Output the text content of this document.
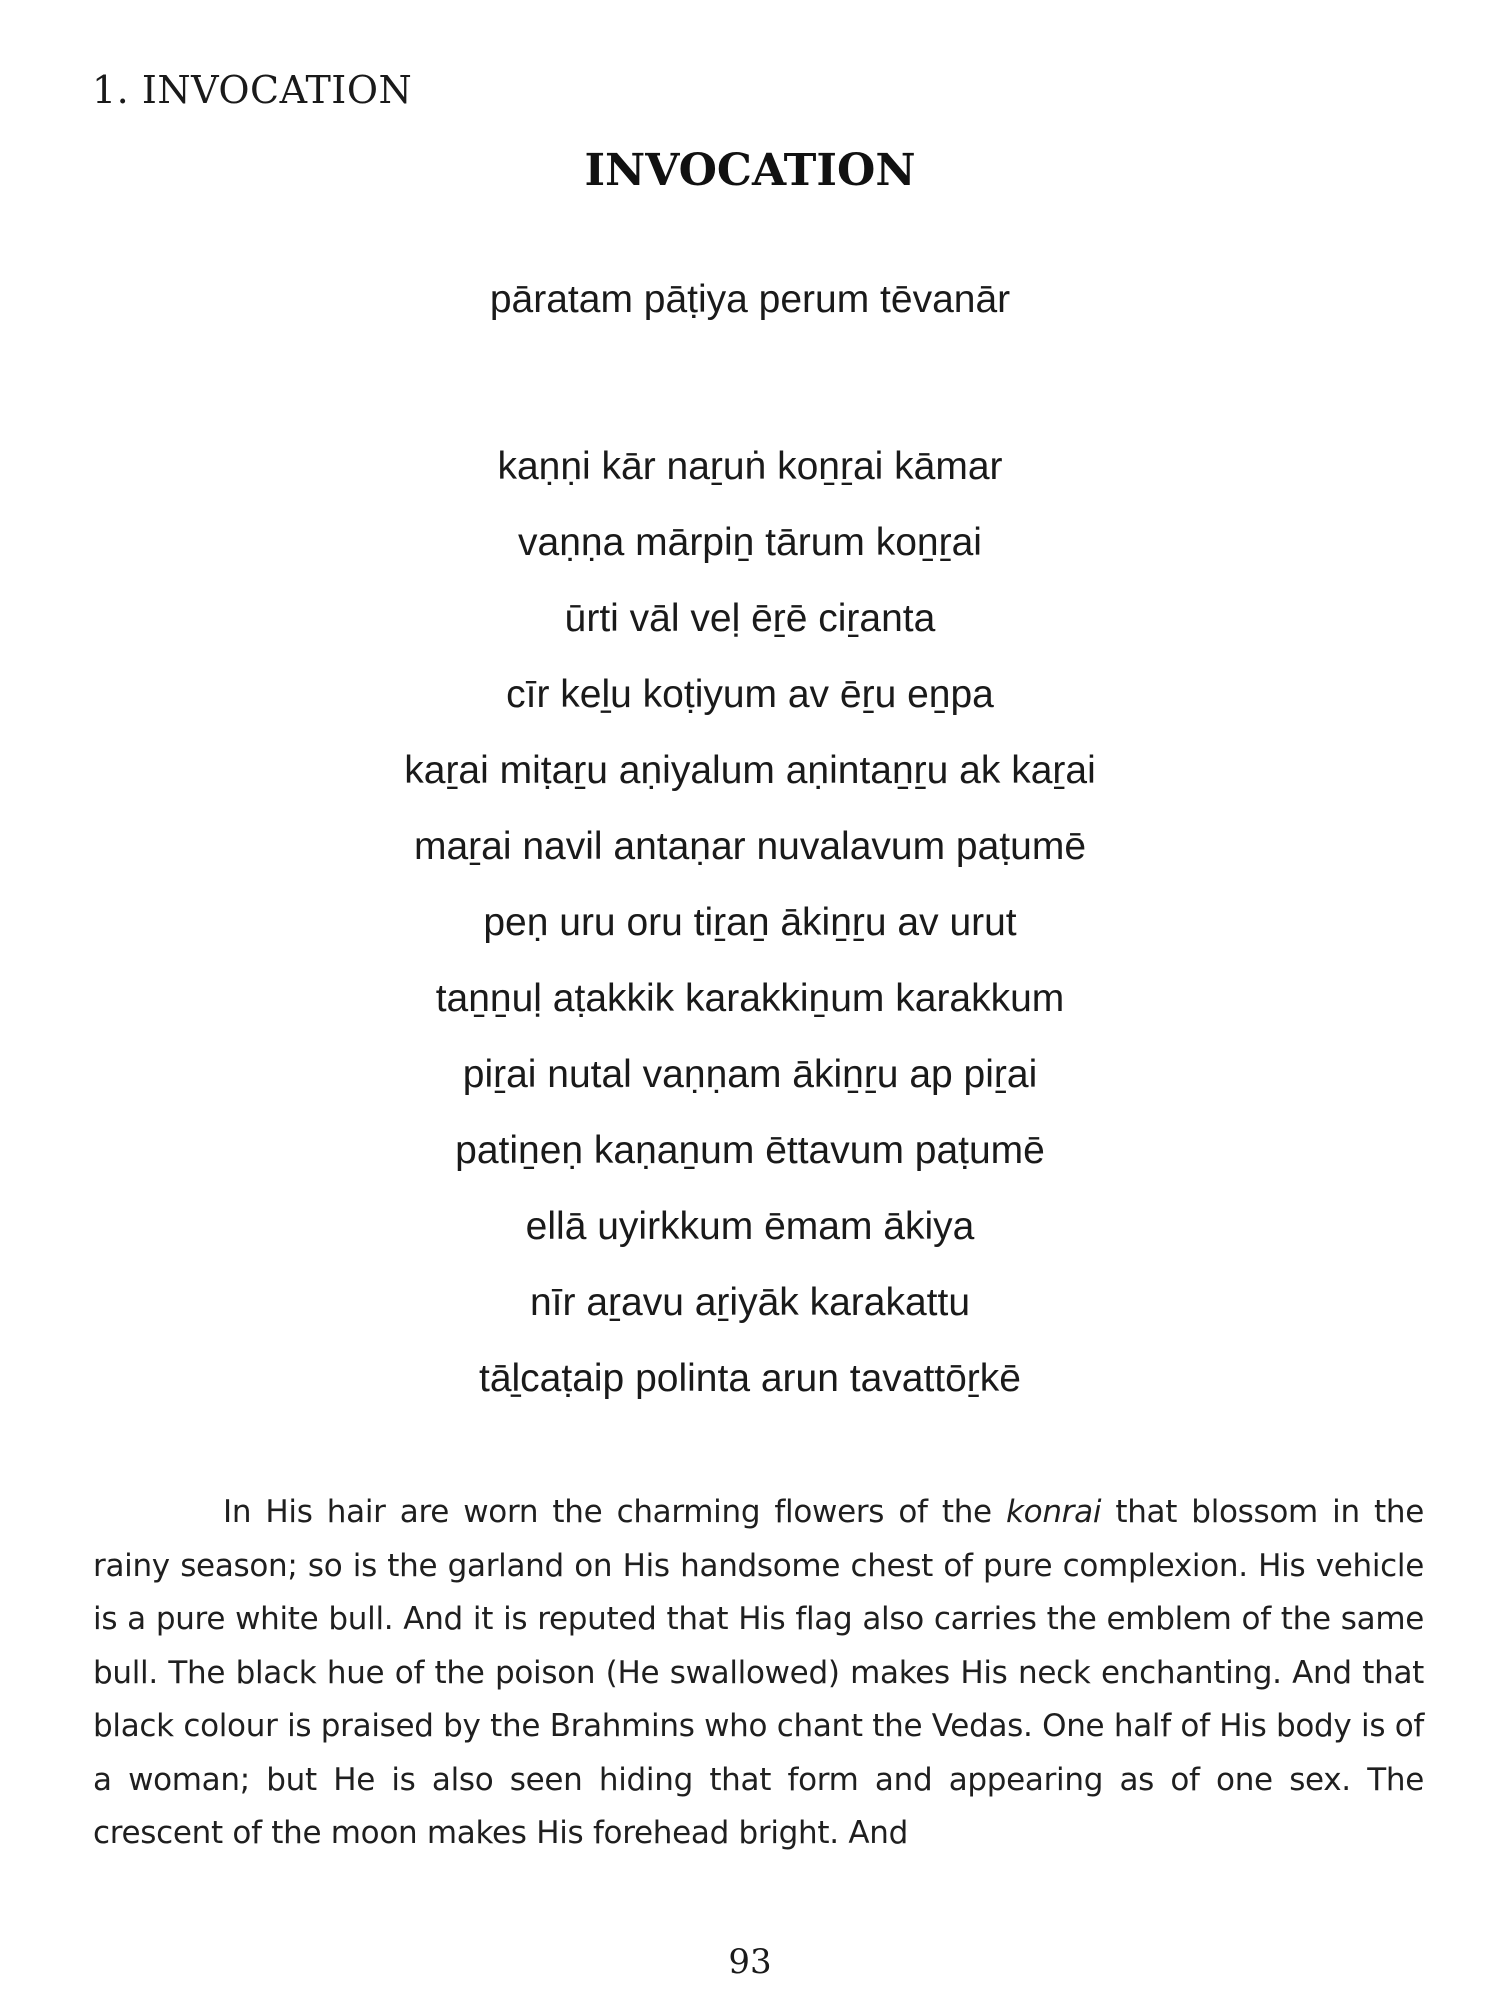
1. INVOCATION
INVOCATION
pāratam pāṭiya perum tēvanār
kaṇṇi kār naṟuṅ koṉṟai kāmar
vaṇṇa mārpiṉ tārum koṉṟai
ūrti vāl veḷ ēṟē ciṟanta
cīr keḻu koṭiyum av ēṟu eṉpa
kaṟai miṭaṟu aṇiyalum aṇintaṉṟu ak kaṟai
maṟai navil antaṇar nuvalavum paṭumē
peṇ uru oru tiṟaṉ ākiṉṟu av urut
taṉṉuḷ aṭakkik karakkiṉum karakkum
piṟai nutal vaṇṇam ākiṉṟu ap piṟai
patiṉeṇ kaṇaṉum ēttavum paṭumē
ellā uyirkkum ēmam ākiya
nīr aṟavu aṟiyāk karakattu
tāḻcaṭaip polinta arun tavattōṟkē

In His hair are worn the charming flowers of the konrai that blossom in the rainy season; so is the garland on His handsome chest of pure complexion. His vehicle is a pure white bull. And it is reputed that His flag also carries the emblem of the same bull. The black hue of the poison (He swallowed) makes His neck enchanting. And that black colour is praised by the Brahmins who chant the Vedas. One half of His body is of a woman; but He is also seen hiding that form and appearing as of one sex. The crescent of the moon makes His forehead bright. And

93
